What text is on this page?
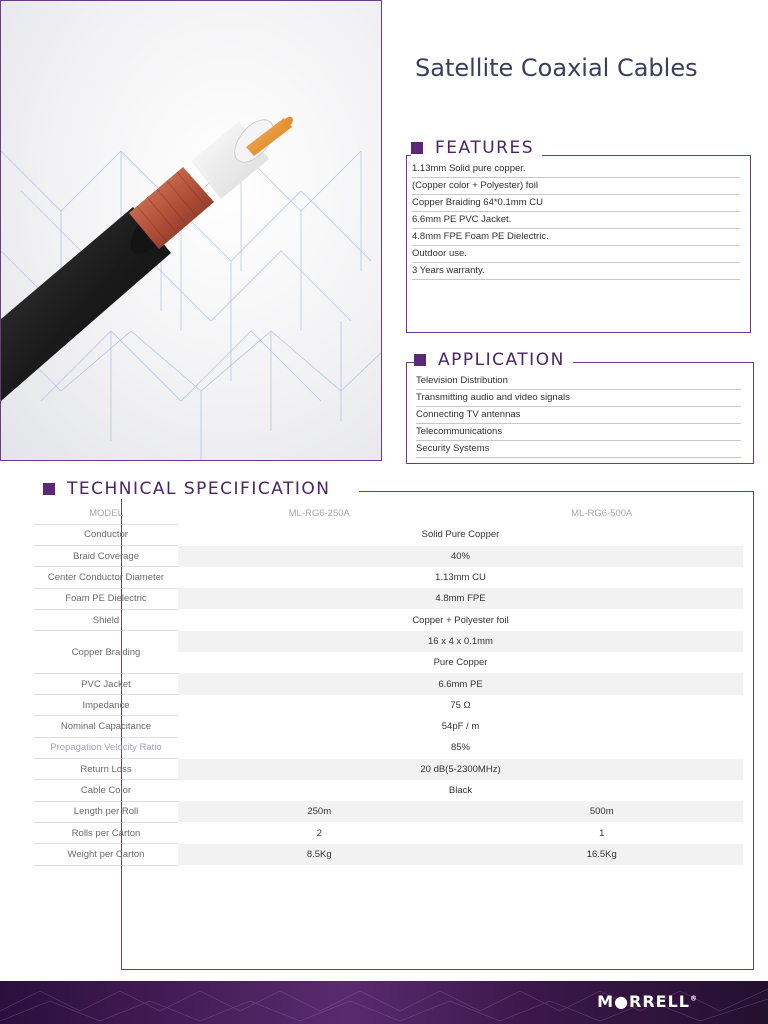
Satellite Coaxial Cables
FEATURES
1.13mm Solid pure copper.
(Copper color + Polyester) foil
Copper Braiding 64*0.1mm CU
6.6mm PE PVC Jacket.
4.8mm FPE Foam PE Dielectric.
Outdoor use.
3 Years warranty.
APPLICATION
Television Distribution
Transmitting audio and video signals
Connecting TV antennas
Telecommunications
Security Systems
TECHNICAL SPECIFICATION
MODEL	ML-RG6-250A	ML-RG6-500A
Conductor	Solid Pure Copper	
Braid Coverage	40%	
Center Conductor Diameter	1.13mm CU	
Foam PE Dielectric	4.8mm FPE	
Shield	Copper + Polyester foil	
Copper Braiding	16 x 4 x 0.1mm	
	Pure Copper	
PVC Jacket	6.6mm PE	
Impedance	75 Ω	
Nominal Capacitance	54pF / m	
Propagation Velocity Ratio	85%	
Return Loss	20 dB(5-2300MHz)	
Cable Color	Black	
Length per Roll	250m	500m
Rolls per Carton	2	1
Weight per Carton	8.5Kg	16.5Kg
M●RRELL®
